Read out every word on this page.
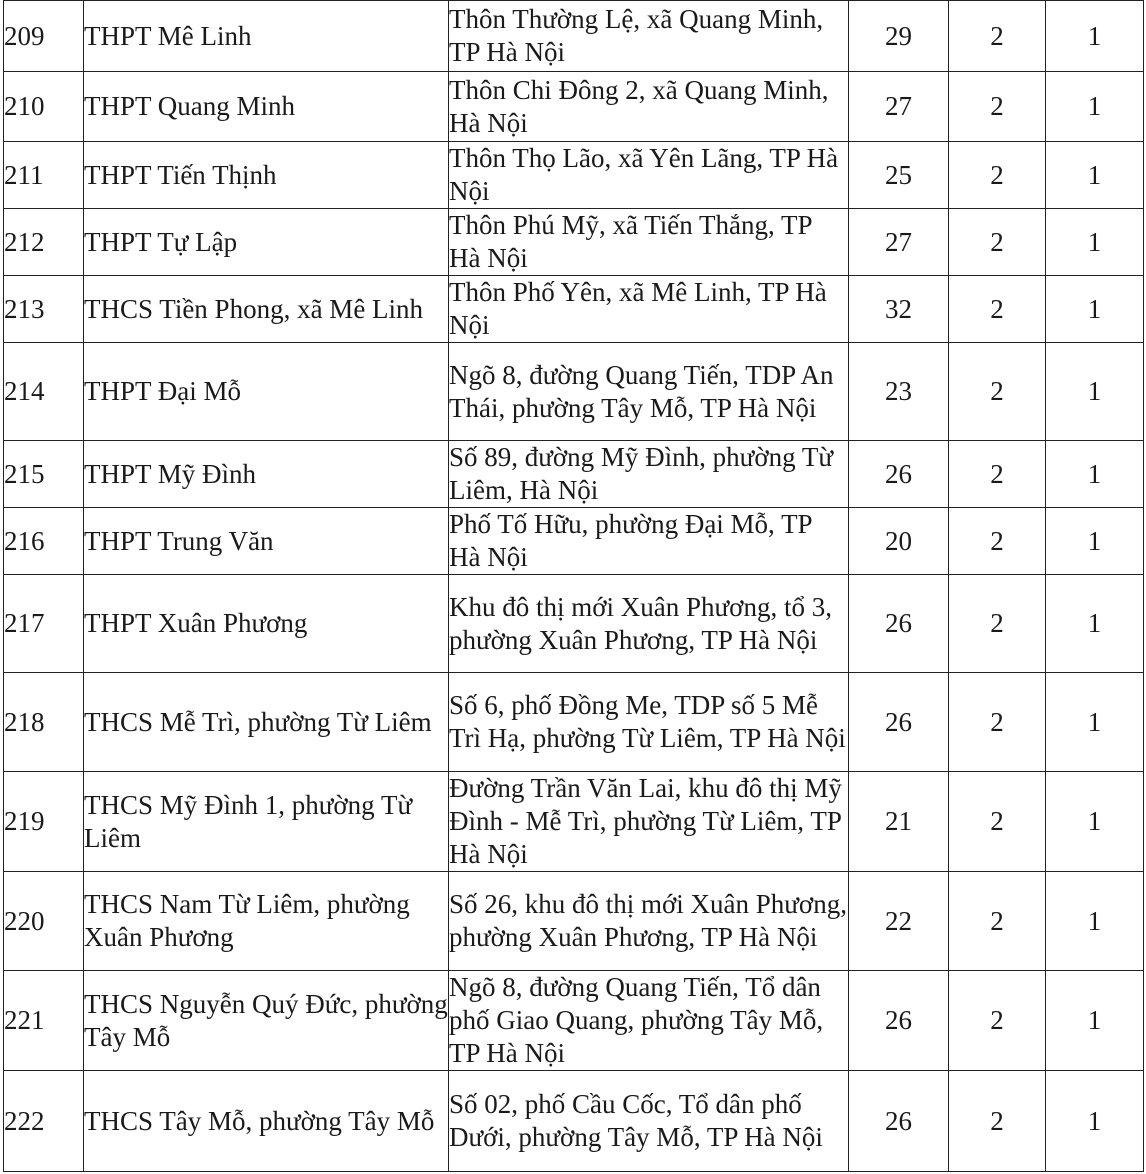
209	THPT Mê Linh	Thôn Thường Lệ, xã Quang Minh, TP Hà Nội	29	2	1
210	THPT Quang Minh	Thôn Chi Đông 2, xã Quang Minh, Hà Nội	27	2	1
211	THPT Tiến Thịnh	Thôn Thọ Lão, xã Yên Lãng, TP Hà Nội	25	2	1
212	THPT Tự Lập	Thôn Phú Mỹ, xã Tiến Thắng, TP Hà Nội	27	2	1
213	THCS Tiền Phong, xã Mê Linh	Thôn Phố Yên, xã Mê Linh, TP Hà Nội	32	2	1
214	THPT Đại Mỗ	Ngõ 8, đường Quang Tiến, TDP An Thái, phường Tây Mỗ, TP Hà Nội	23	2	1
215	THPT Mỹ Đình	Số 89, đường Mỹ Đình, phường Từ Liêm, Hà Nội	26	2	1
216	THPT Trung Văn	Phố Tố Hữu, phường Đại Mỗ, TP Hà Nội	20	2	1
217	THPT Xuân Phương	Khu đô thị mới Xuân Phương, tổ 3, phường Xuân Phương, TP Hà Nội	26	2	1
218	THCS Mễ Trì, phường Từ Liêm	Số 6, phố Đồng Me, TDP số 5 Mễ Trì Hạ, phường Từ Liêm, TP Hà Nội	26	2	1
219	THCS Mỹ Đình 1, phường Từ Liêm	Đường Trần Văn Lai, khu đô thị Mỹ Đình - Mễ Trì, phường Từ Liêm, TP Hà Nội	21	2	1
220	THCS Nam Từ Liêm, phường Xuân Phương	Số 26, khu đô thị mới Xuân Phương, phường Xuân Phương, TP Hà Nội	22	2	1
221	THCS Nguyễn Quý Đức, phường Tây Mỗ	Ngõ 8, đường Quang Tiến, Tổ dân phố Giao Quang, phường Tây Mỗ, TP Hà Nội	26	2	1
222	THCS Tây Mỗ, phường Tây Mỗ	Số 02, phố Cầu Cốc, Tổ dân phố Dưới, phường Tây Mỗ, TP Hà Nội	26	2	1
